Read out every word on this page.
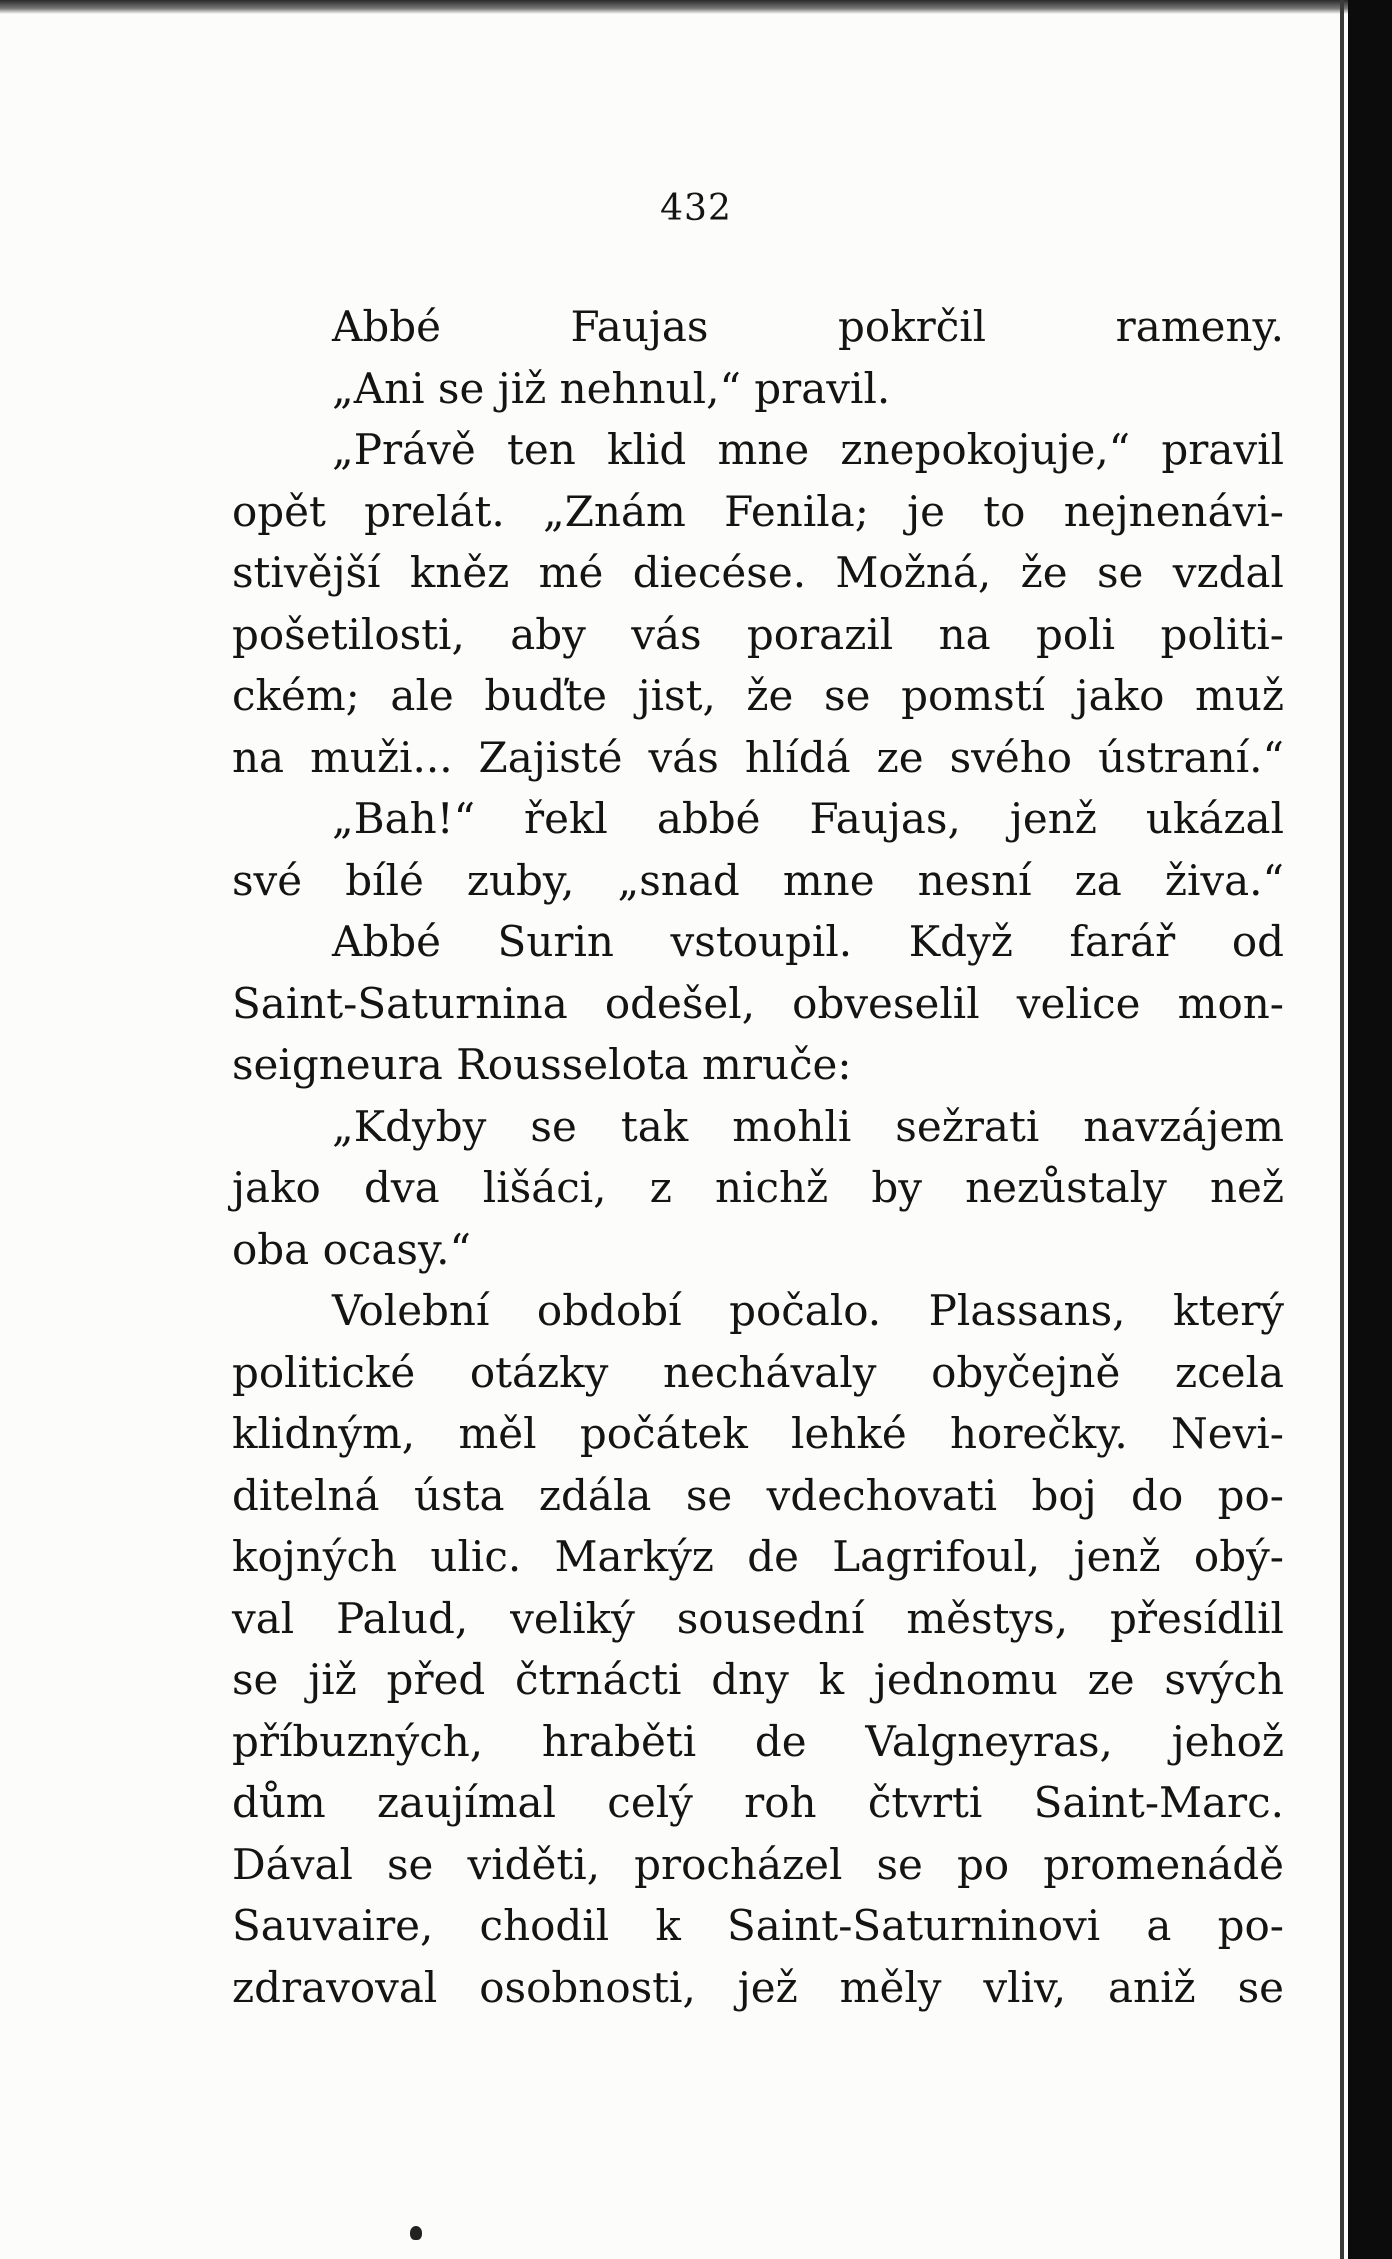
432
Abbé Faujas pokrčil rameny.
„Ani se již nehnul,“ pravil.
„Právě ten klid mne znepokojuje,“ pravil
opět prelát. „Znám Fenila; je to nejnenávi-
stivější kněz mé diecése. Možná, že se vzdal
pošetilosti, aby vás porazil na poli politi-
ckém; ale buďte jist, že se pomstí jako muž
na muži... Zajisté vás hlídá ze svého ústraní.“
„Bah!“ řekl abbé Faujas, jenž ukázal
své bílé zuby, „snad mne nesní za živa.“
Abbé Surin vstoupil. Když farář od
Saint-Saturnina odešel, obveselil velice mon-
seigneura Rousselota mruče:
„Kdyby se tak mohli sežrati navzájem
jako dva lišáci, z nichž by nezůstaly než
oba ocasy.“
Volební období počalo. Plassans, který
politické otázky nechávaly obyčejně zcela
klidným, měl počátek lehké horečky. Nevi-
ditelná ústa zdála se vdechovati boj do po-
kojných ulic. Markýz de Lagrifoul, jenž obý-
val Palud, veliký sousední městys, přesídlil
se již před čtrnácti dny k jednomu ze svých
příbuzných, hraběti de Valgneyras, jehož
dům zaujímal celý roh čtvrti Saint-Marc.
Dával se viděti, procházel se po promenádě
Sauvaire, chodil k Saint-Saturninovi a po-
zdravoval osobnosti, jež měly vliv, aniž se
